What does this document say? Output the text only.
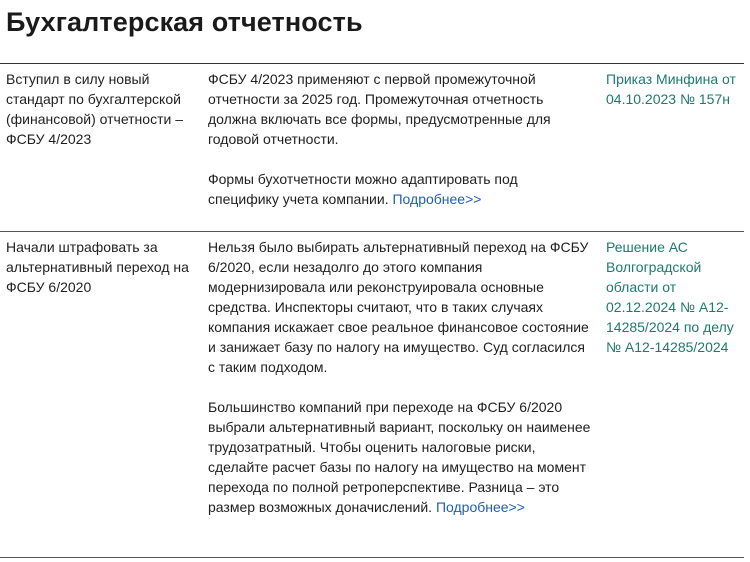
Бухгалтерская отчетность
Вступил в силу новый стандарт по бухгалтерской (финансовой) отчетности – ФСБУ 4/2023

ФСБУ 4/2023 применяют с первой промежуточной отчетности за 2025 год. Промежуточная отчетность должна включать все формы, предусмотренные для годовой отчетности.

Формы бухотчетности можно адаптировать под специфику учета компании. Подробнее>>

Приказ Минфина от 04.10.2023 № 157н
Начали штрафовать за альтернативный переход на ФСБУ 6/2020

Нельзя было выбирать альтернативный переход на ФСБУ 6/2020, если незадолго до этого компания модернизировала или реконструировала основные средства. Инспекторы считают, что в таких случаях компания искажает свое реальное финансовое состояние и занижает базу по налогу на имущество. Суд согласился с таким подходом.

Большинство компаний при переходе на ФСБУ 6/2020 выбрали альтернативный вариант, поскольку он наименее трудозатратный. Чтобы оценить налоговые риски, сделайте расчет базы по налогу на имущество на момент перехода по полной ретроперспективе. Разница – это размер возможных доначислений. Подробнее>>

Решение АС Волгоградской области от 02.12.2024 № А12-14285/2024 по делу № А12-14285/2024
